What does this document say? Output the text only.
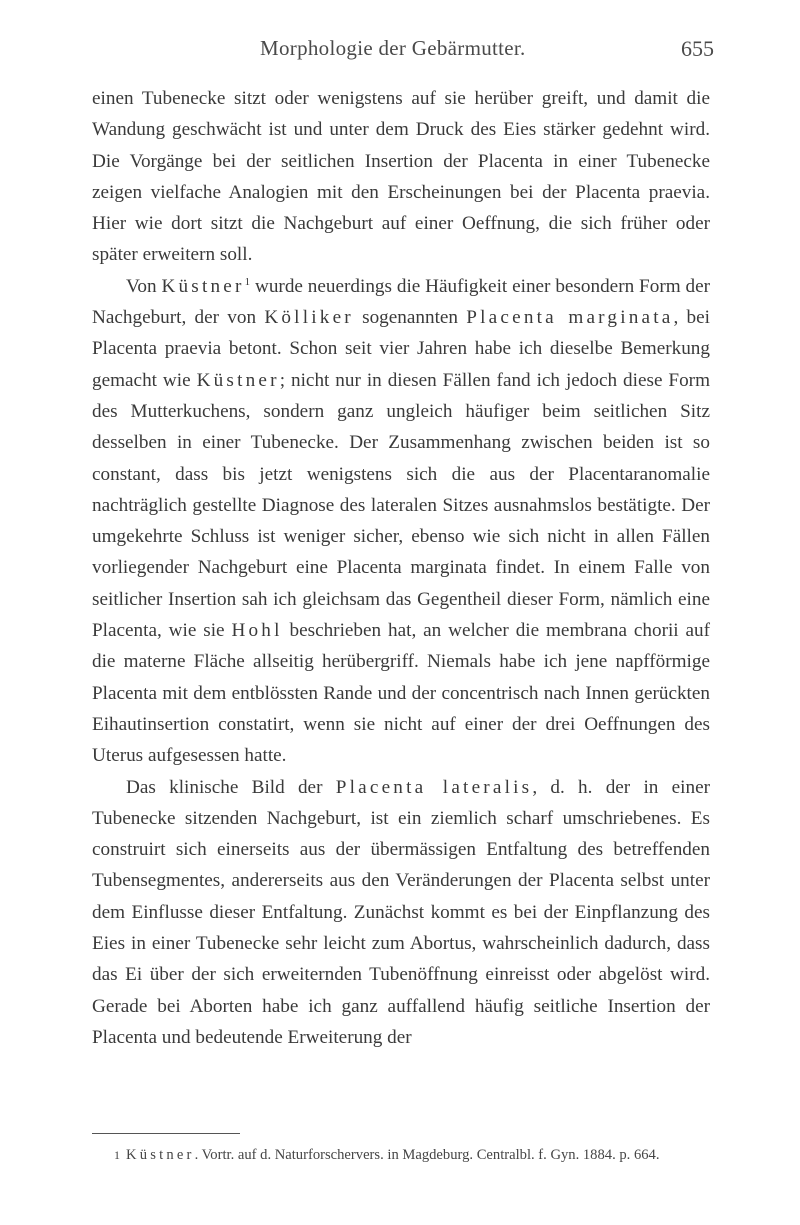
Morphologie der Gebärmutter.	655

einen Tubenecke sitzt oder wenigstens auf sie herüber greift, und damit die Wandung geschwächt ist und unter dem Druck des Eies stärker gedehnt wird. Die Vorgänge bei der seitlichen Insertion der Placenta in einer Tubenecke zeigen vielfache Analogien mit den Erscheinungen bei der Placenta praevia. Hier wie dort sitzt die Nachgeburt auf einer Oeffnung, die sich früher oder später erweitern soll.

Von Küstner$^1$ wurde neuerdings die Häufigkeit einer besondern Form der Nachgeburt, der von Kölliker sogenannten Placenta marginata, bei Placenta praevia betont. Schon seit vier Jahren habe ich dieselbe Bemerkung gemacht wie Küstner; nicht nur in diesen Fällen fand ich jedoch diese Form des Mutterkuchens, sondern ganz ungleich häufiger beim seitlichen Sitz desselben in einer Tubenecke. Der Zusammenhang zwischen beiden ist so constant, dass bis jetzt wenigstens sich die aus der Placentaranomalie nachträglich gestellte Diagnose des lateralen Sitzes ausnahmslos bestätigte. Der umgekehrte Schluss ist weniger sicher, ebenso wie sich nicht in allen Fällen vorliegender Nachgeburt eine Placenta marginata findet. In einem Falle von seitlicher Insertion sah ich gleichsam das Gegentheil dieser Form, nämlich eine Placenta, wie sie Hohl beschrieben hat, an welcher die membrana chorii auf die materne Fläche allseitig herübergriff. Niemals habe ich jene napfförmige Placenta mit dem entblössten Rande und der concentrisch nach Innen gerückten Eihautinsertion constatirt, wenn sie nicht auf einer der drei Oeffnungen des Uterus aufgesessen hatte.

Das klinische Bild der Placenta lateralis, d. h. der in einer Tubenecke sitzenden Nachgeburt, ist ein ziemlich scharf umschriebenes. Es construirt sich einerseits aus der übermässigen Entfaltung des betreffenden Tubensegmentes, andererseits aus den Veränderungen der Placenta selbst unter dem Einflusse dieser Entfaltung. Zunächst kommt es bei der Einpflanzung des Eies in einer Tubenecke sehr leicht zum Abortus, wahrscheinlich dadurch, dass das Ei über der sich erweiternden Tubenöffnung einreisst oder abgelöst wird. Gerade bei Aborten habe ich ganz auffallend häufig seitliche Insertion der Placenta und bedeutende Erweiterung der

1 Küstner. Vortr. auf d. Naturforschervers. in Magdeburg. Centralbl. f. Gyn. 1884. p. 664.
